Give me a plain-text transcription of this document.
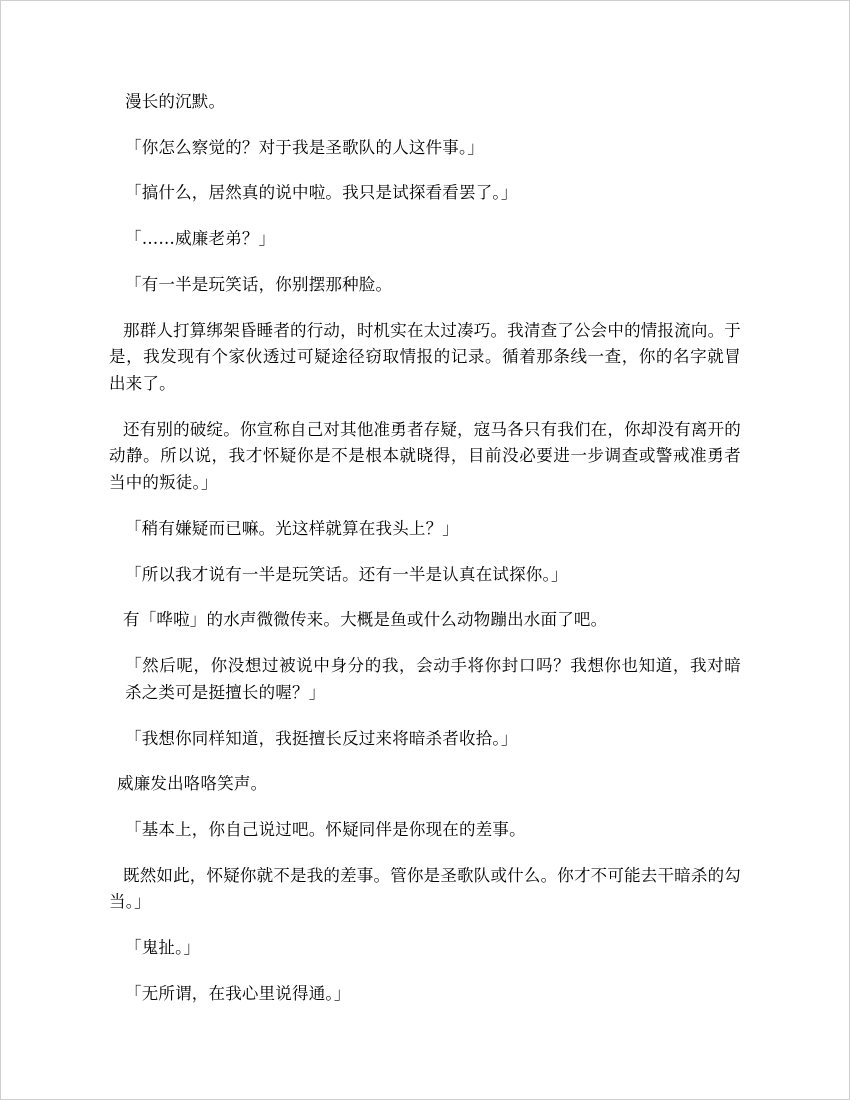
漫长的沉默。

「你怎么察觉的？对于我是圣歌队的人这件事。」

「搞什么，居然真的说中啦。我只是试探看看罢了。」

「……威廉老弟？」

「有一半是玩笑话，你别摆那种脸。

那群人打算绑架昏睡者的行动，时机实在太过凑巧。我清查了公会中的情报流向。于是，我发现有个家伙透过可疑途径窃取情报的记录。循着那条线一查，你的名字就冒出来了。

还有别的破绽。你宣称自己对其他准勇者存疑，寇马各只有我们在，你却没有离开的动静。所以说，我才怀疑你是不是根本就晓得，目前没必要进一步调查或警戒准勇者当中的叛徒。」

「稍有嫌疑而已嘛。光这样就算在我头上？」

「所以我才说有一半是玩笑话。还有一半是认真在试探你。」

有「哗啦」的水声微微传来。大概是鱼或什么动物蹦出水面了吧。

「然后呢，你没想过被说中身分的我，会动手将你封口吗？我想你也知道，我对暗杀之类可是挺擅长的喔？」

「我想你同样知道，我挺擅长反过来将暗杀者收拾。」

威廉发出咯咯笑声。

「基本上，你自己说过吧。怀疑同伴是你现在的差事。

既然如此，怀疑你就不是我的差事。管你是圣歌队或什么。你才不可能去干暗杀的勾当。」

「鬼扯。」

「无所谓，在我心里说得通。」
